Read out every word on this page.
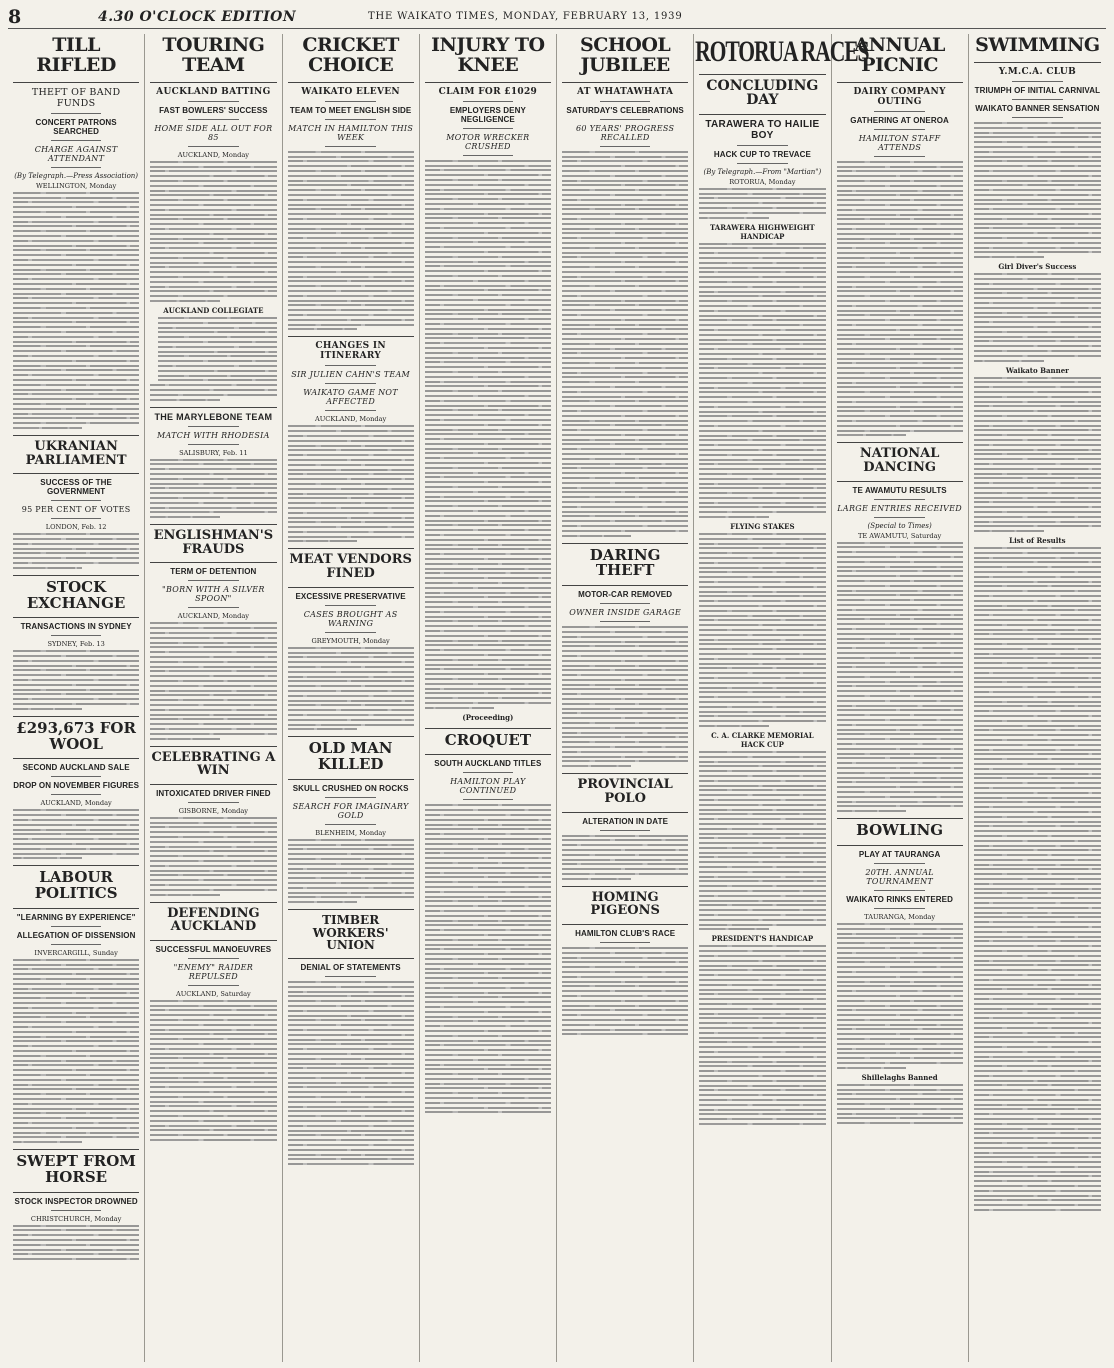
8	4.30 O'CLOCK EDITION	THE WAIKATO TIMES, MONDAY, FEBRUARY 13, 1939
TILL RIFLED
THEFT OF BAND FUNDS
CONCERT PATRONS SEARCHED
CHARGE AGAINST ATTENDANT
(By Telegraph.—Press Association)
WELLINGTON, Monday
UKRANIAN PARLIAMENT
SUCCESS OF THE GOVERNMENT
95 PER CENT OF VOTES
LONDON, Feb. 12
STOCK EXCHANGE
TRANSACTIONS IN SYDNEY
SYDNEY, Feb. 13
£293,673 FOR WOOL
SECOND AUCKLAND SALE
DROP ON NOVEMBER FIGURES
AUCKLAND, Monday
LABOUR POLITICS
"LEARNING BY EXPERIENCE"
ALLEGATION OF DISSENSION
INVERCARGILL, Sunday
SWEPT FROM HORSE
STOCK INSPECTOR DROWNED
CHRISTCHURCH, Monday
TOURING TEAM
AUCKLAND BATTING
FAST BOWLERS' SUCCESS
HOME SIDE ALL OUT FOR 85
AUCKLAND, Monday
AUCKLAND COLLEGIATE
THE MARYLEBONE TEAM
MATCH WITH RHODESIA
SALISBURY, Feb. 11
ENGLISHMAN'S FRAUDS
TERM OF DETENTION
"BORN WITH A SILVER SPOON"
AUCKLAND, Monday
CELEBRATING A WIN
INTOXICATED DRIVER FINED
GISBORNE, Monday
DEFENDING AUCKLAND
SUCCESSFUL MANOEUVRES
"ENEMY" RAIDER REPULSED
AUCKLAND, Saturday
CRICKET CHOICE
WAIKATO ELEVEN
TEAM TO MEET ENGLISH SIDE
MATCH IN HAMILTON THIS WEEK
CHANGES IN ITINERARY
SIR JULIEN CAHN'S TEAM
WAIKATO GAME NOT AFFECTED
AUCKLAND, Monday
MEAT VENDORS FINED
EXCESSIVE PRESERVATIVE
CASES BROUGHT AS WARNING
GREYMOUTH, Monday
OLD MAN KILLED
SKULL CRUSHED ON ROCKS
SEARCH FOR IMAGINARY GOLD
BLENHEIM, Monday
TIMBER WORKERS' UNION
DENIAL OF STATEMENTS
INJURY TO KNEE
CLAIM FOR £1029
EMPLOYERS DENY NEGLIGENCE
MOTOR WRECKER CRUSHED
(Proceeding)
CROQUET
SOUTH AUCKLAND TITLES
HAMILTON PLAY CONTINUED
SCHOOL JUBILEE
AT WHATAWHATA
SATURDAY'S CELEBRATIONS
60 YEARS' PROGRESS RECALLED
DARING THEFT
MOTOR-CAR REMOVED
OWNER INSIDE GARAGE
PROVINCIAL POLO
ALTERATION IN DATE
HOMING PIGEONS
HAMILTON CLUB'S RACE
ROTORUA RACES
CONCLUDING DAY
TARAWERA TO HAILIE BOY
HACK CUP TO TREVACE
(By Telegraph.—From "Martian")
ROTORUA, Monday
TARAWERA HIGHWEIGHT HANDICAP
FLYING STAKES
C. A. CLARKE MEMORIAL HACK CUP
PRESIDENT'S HANDICAP
ANNUAL PICNIC
DAIRY COMPANY OUTING
GATHERING AT ONEROA
HAMILTON STAFF ATTENDS
NATIONAL DANCING
TE AWAMUTU RESULTS
LARGE ENTRIES RECEIVED
(Special to Times)
TE AWAMUTU, Saturday
BOWLING
PLAY AT TAURANGA
20TH. ANNUAL TOURNAMENT
WAIKATO RINKS ENTERED
TAURANGA, Monday
Shillelaghs Banned
SWIMMING
Y.M.C.A. CLUB
TRIUMPH OF INITIAL CARNIVAL
WAIKATO BANNER SENSATION
Girl Diver's Success
Waikato Banner
List of Results
